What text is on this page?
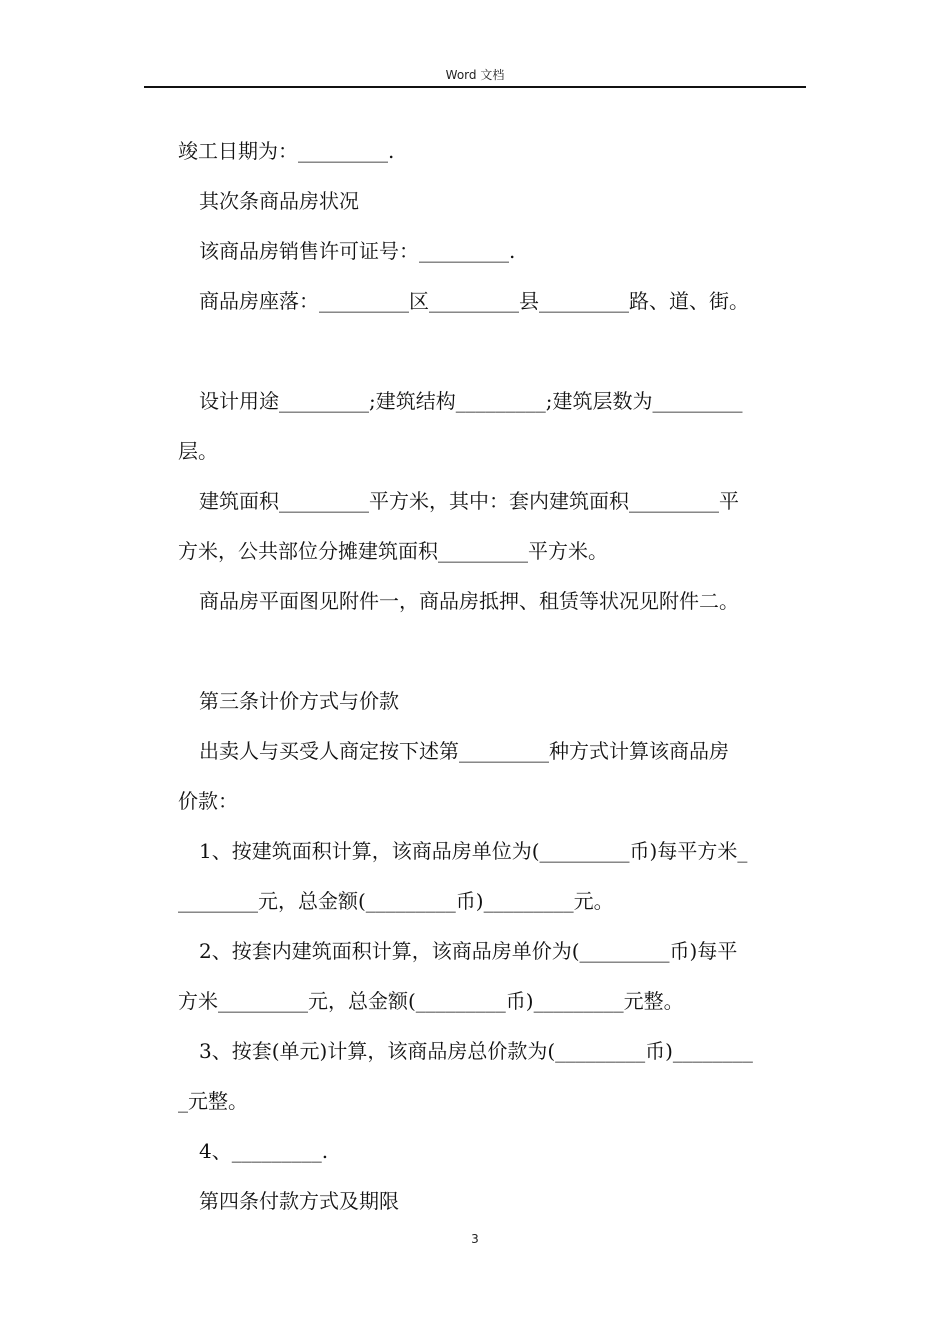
Word 文档
竣工日期为：_________.
其次条商品房状况
该商品房销售许可证号：_________.
商品房座落：_________区_________县_________路、道、街。
设计用途_________;建筑结构_________;建筑层数为_________
层。
建筑面积_________平方米，其中：套内建筑面积_________平
方米，公共部位分摊建筑面积_________平方米。
商品房平面图见附件一，商品房抵押、租赁等状况见附件二。
第三条计价方式与价款
出卖人与买受人商定按下述第_________种方式计算该商品房
价款：
1、按建筑面积计算，该商品房单位为(_________币)每平方米_
________元，总金额(_________币)_________元。
2、按套内建筑面积计算，该商品房单价为(_________币)每平
方米_________元，总金额(_________币)_________元整。
3、按套(单元)计算，该商品房总价款为(_________币)________
_元整。
4、_________.
第四条付款方式及期限
3
